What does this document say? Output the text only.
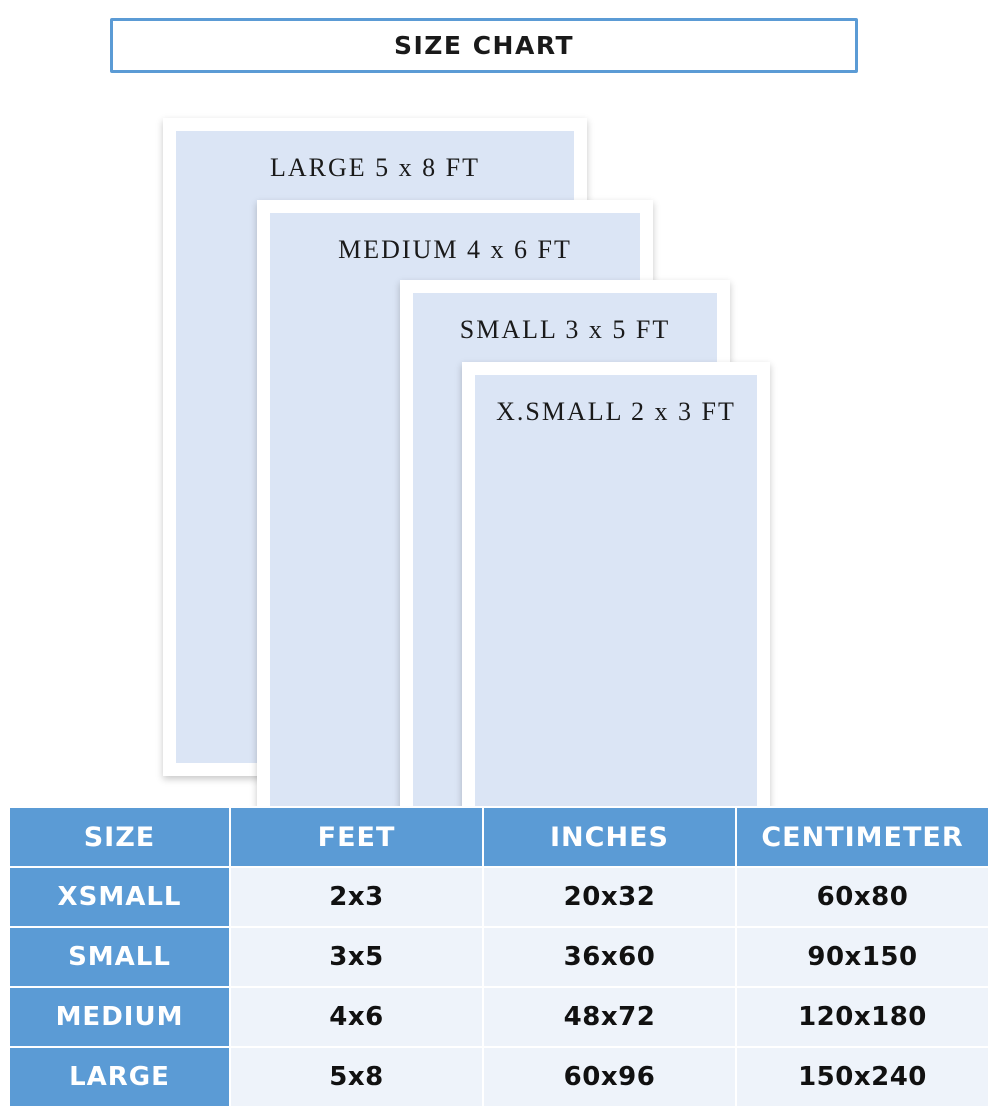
SIZE CHART
LARGE 5 x 8 FT
MEDIUM 4 x 6 FT
SMALL 3 x 5 FT
X.SMALL 2 x 3 FT
SIZE	FEET	INCHES	CENTIMETER
XSMALL	2x3	20x32	60x80
SMALL	3x5	36x60	90x150
MEDIUM	4x6	48x72	120x180
LARGE	5x8	60x96	150x240
